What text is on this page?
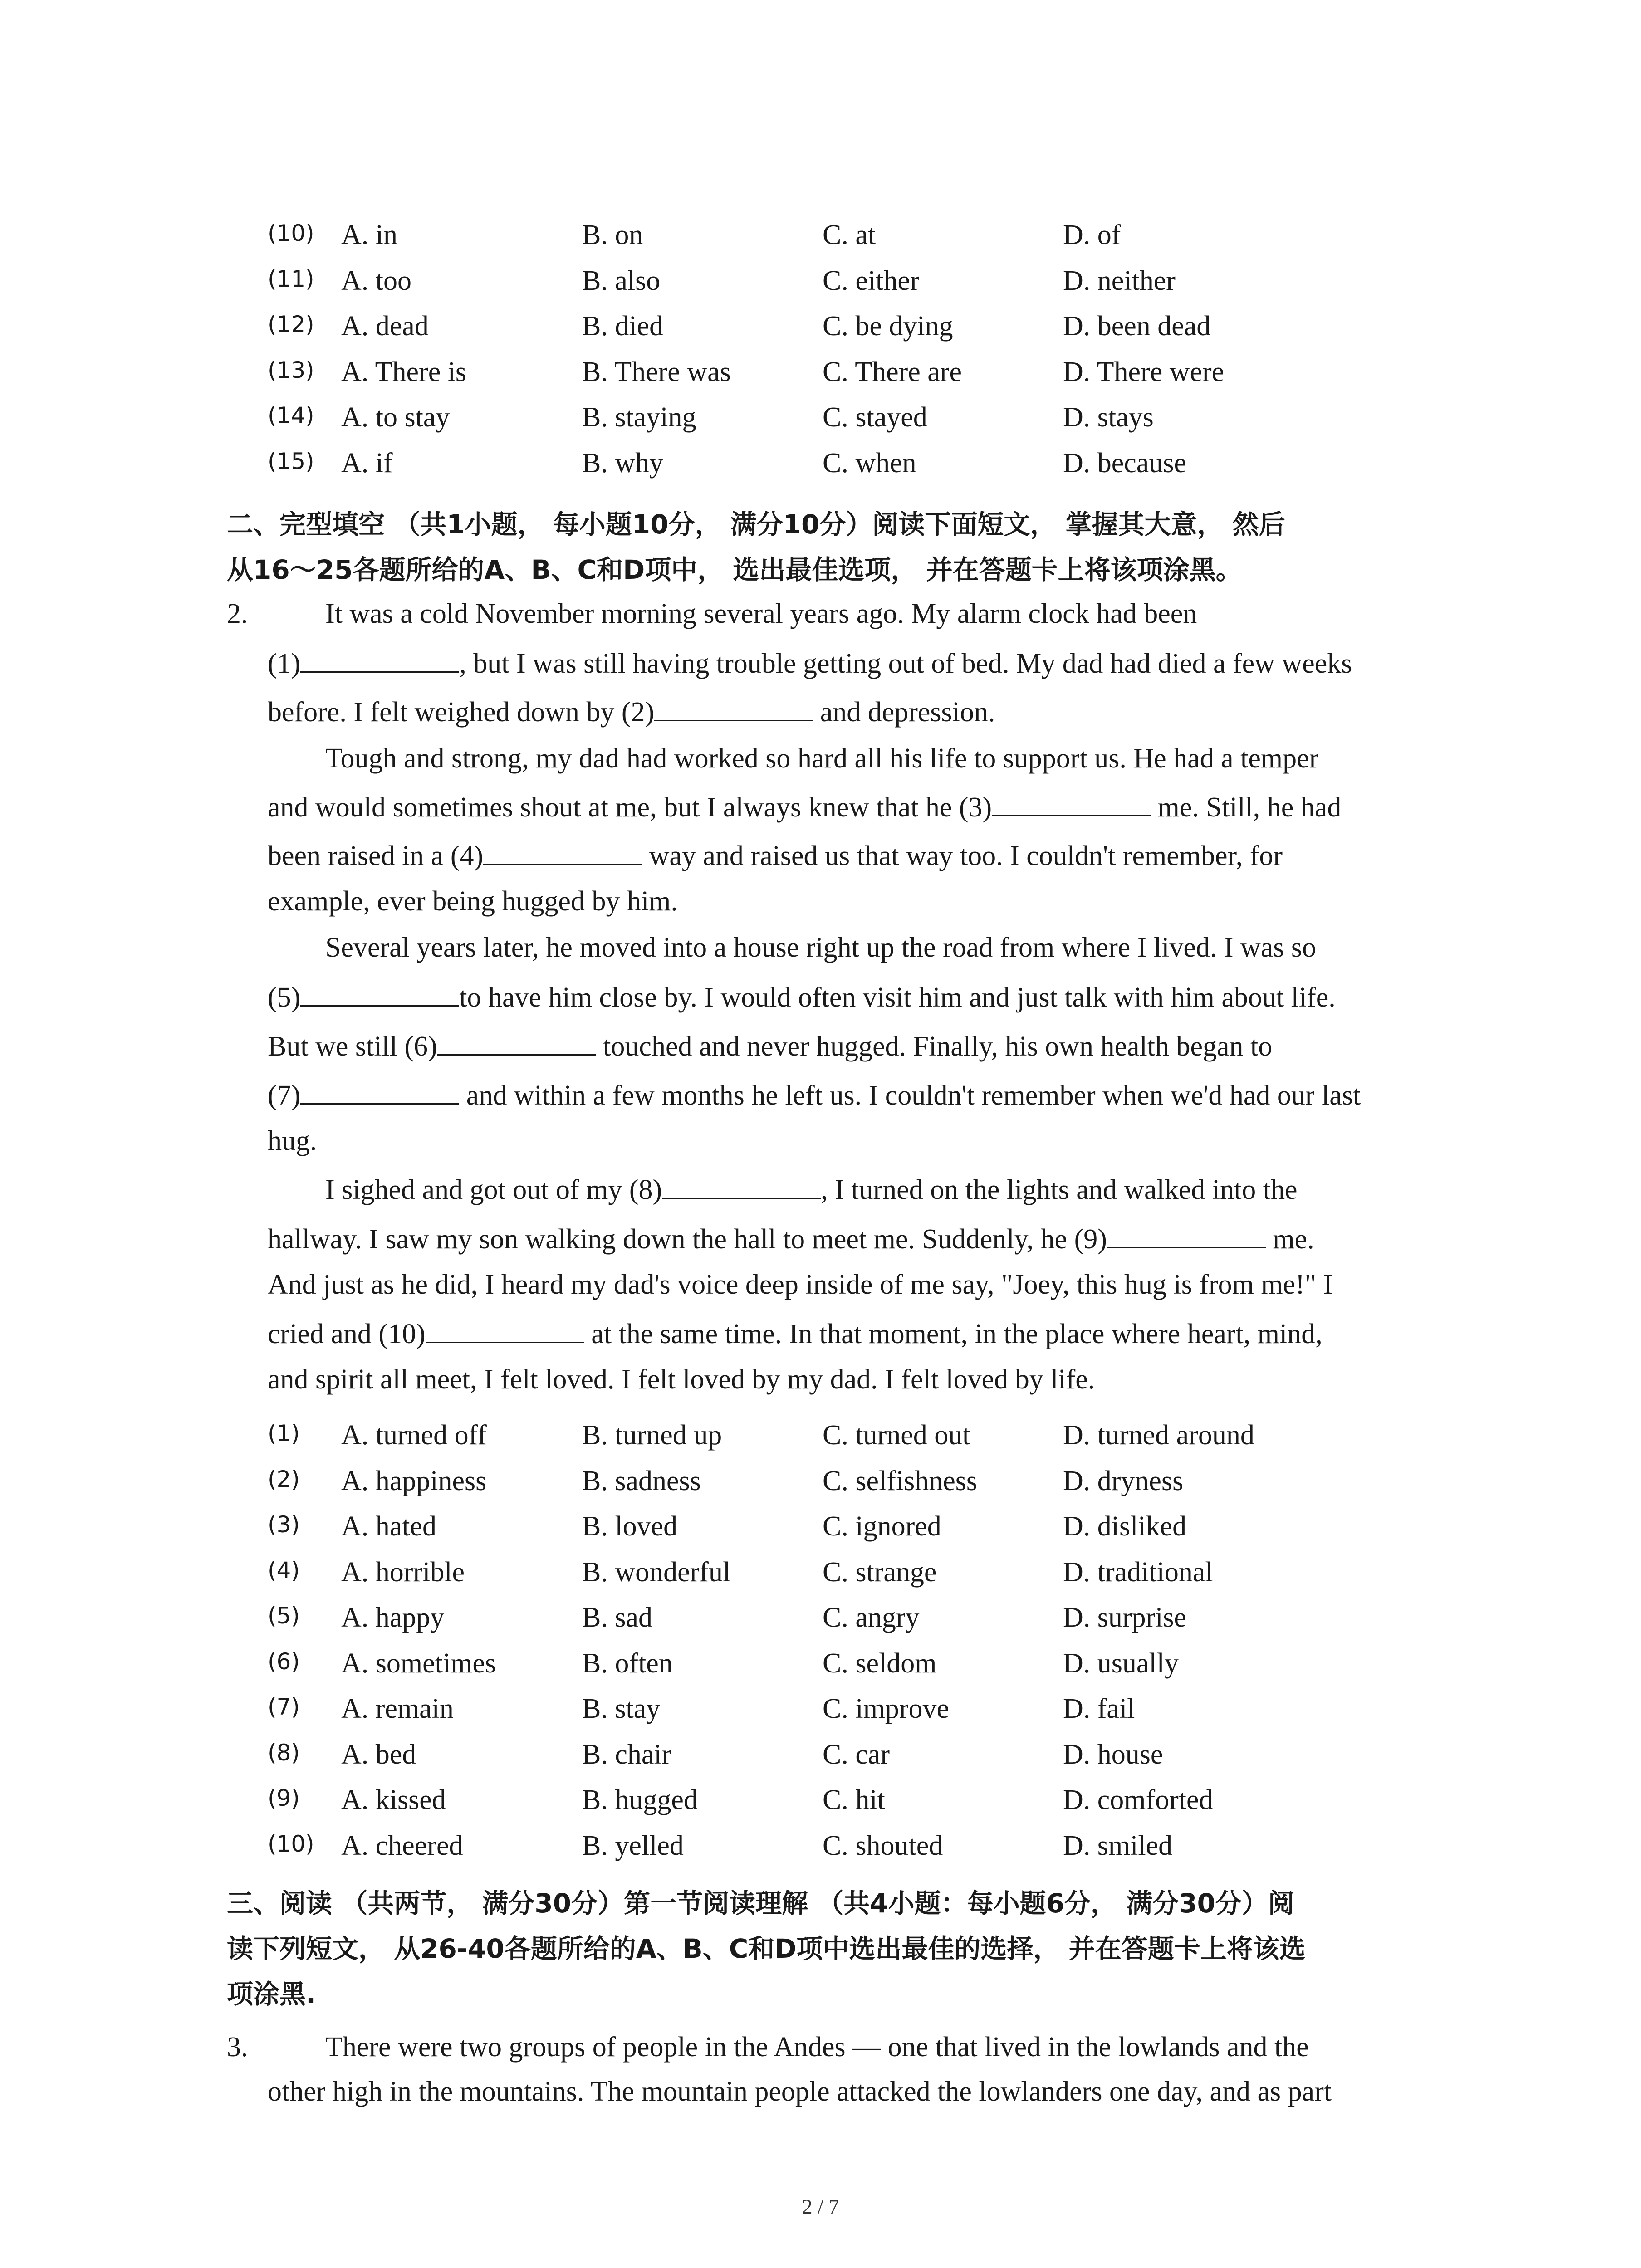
(10) A. in	B. on	C. at	D. of
(11) A. too	B. also	C. either	D. neither
(12) A. dead	B. died	C. be dying	D. been dead
(13) A. There is	B. There was	C. There are	D. There were
(14) A. to stay	B. staying	C. stayed	D. stays
(15) A. if	B. why	C. when	D. because
二、完型填空 （共1小题， 每小题10分， 满分10分）阅读下面短文， 掌握其大意， 然后
从16～25各题所给的A、B、C和D项中， 选出最佳选项， 并在答题卡上将该项涂黑。
2.	It was a cold November morning several years ago. My alarm clock had been
(1)	, but I was still having trouble getting out of bed. My dad had died a few weeks
before. I felt weighed down by (2)	and depression.
Tough and strong, my dad had worked so hard all his life to support us. He had a temper
and would sometimes shout at me, but I always knew that he (3)	me. Still, he had
been raised in a (4)	way and raised us that way too. I couldn't remember, for
example, ever being hugged by him.
Several years later, he moved into a house right up the road from where I lived. I was so
(5)	to have him close by. I would often visit him and just talk with him about life.
But we still (6)	touched and never hugged. Finally, his own health began to
(7)	and within a few months he left us. I couldn't remember when we'd had our last
hug.
I sighed and got out of my (8)	, I turned on the lights and walked into the
hallway. I saw my son walking down the hall to meet me. Suddenly, he (9)	me.
And just as he did, I heard my dad's voice deep inside of me say, "Joey, this hug is from me!" I
cried and (10)	at the same time. In that moment, in the place where heart, mind,
and spirit all meet, I felt loved. I felt loved by my dad. I felt loved by life.
(1) A. turned off	B. turned up	C. turned out	D. turned around
(2) A. happiness	B. sadness	C. selfishness	D. dryness
(3) A. hated	B. loved	C. ignored	D. disliked
(4) A. horrible	B. wonderful	C. strange	D. traditional
(5) A. happy	B. sad	C. angry	D. surprise
(6) A. sometimes	B. often	C. seldom	D. usually
(7) A. remain	B. stay	C. improve	D. fail
(8) A. bed	B. chair	C. car	D. house
(9) A. kissed	B. hugged	C. hit	D. comforted
(10) A. cheered	B. yelled	C. shouted	D. smiled
三、阅读 （共两节， 满分30分）第一节阅读理解 （共4小题：每小题6分， 满分30分）阅
读下列短文， 从26-40各题所给的A、B、C和D项中选出最佳的选择， 并在答题卡上将该选
项涂黑.
3.	There were two groups of people in the Andes — one that lived in the lowlands and the
other high in the mountains. The mountain people attacked the lowlanders one day, and as part
2 / 7
